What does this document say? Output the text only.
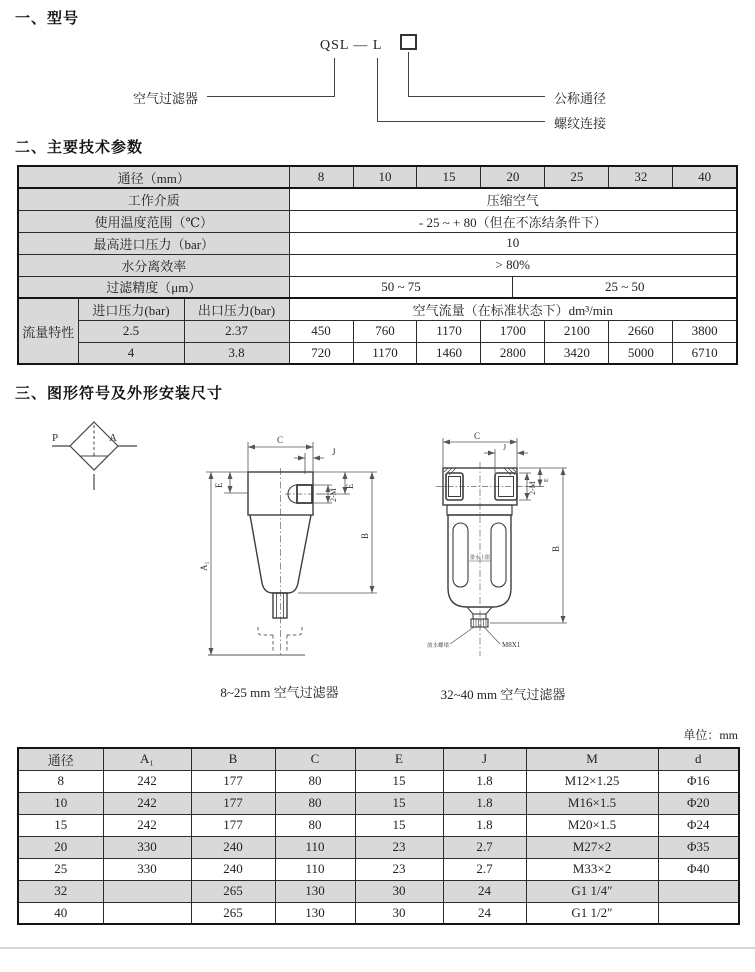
一、型号
QSL — L
空气过滤器	公称通径
螺纹连接
二、主要技术参数
通径（mm）			8	10	15	20		25	32	40
工作介质			压缩空气							
使用温度范围（℃）			- 25 ~ + 80（但在不冻结条件下）							
最高进口压力（bar）			10							
水分离效率			> 80%							
过滤精度（μm）			50 ~ 75				25 ~ 50			
流量特性	进口压力(bar)	出口压力(bar)	空气流量（在标准状态下）dm³/min							
	2.5	2.37	450	760	1170	1700		2100	2660	3800
	4	3.8	720	1170	1460	2800		3420	5000	6710
三、图形符号及外形安装尺寸
P	A	C
J
E	E
2-M
A₁
B
C
J
E
2-M
B
排水上限
放水螺堵	M8X1
8~25 mm 空气过滤器	32~40 mm 空气过滤器
单位：mm
通径	A₁	B	C	E	J	M	d
8	242	177	80	15	1.8	M12×1.25	Φ16
10	242	177	80	15	1.8	M16×1.5	Φ20
15	242	177	80	15	1.8	M20×1.5	Φ24
20	330	240	110	23	2.7	M27×2	Φ35
25	330	240	110	23	2.7	M33×2	Φ40
32		265	130	30	24	G1 1/4″	
40		265	130	30	24	G1 1/2″	
